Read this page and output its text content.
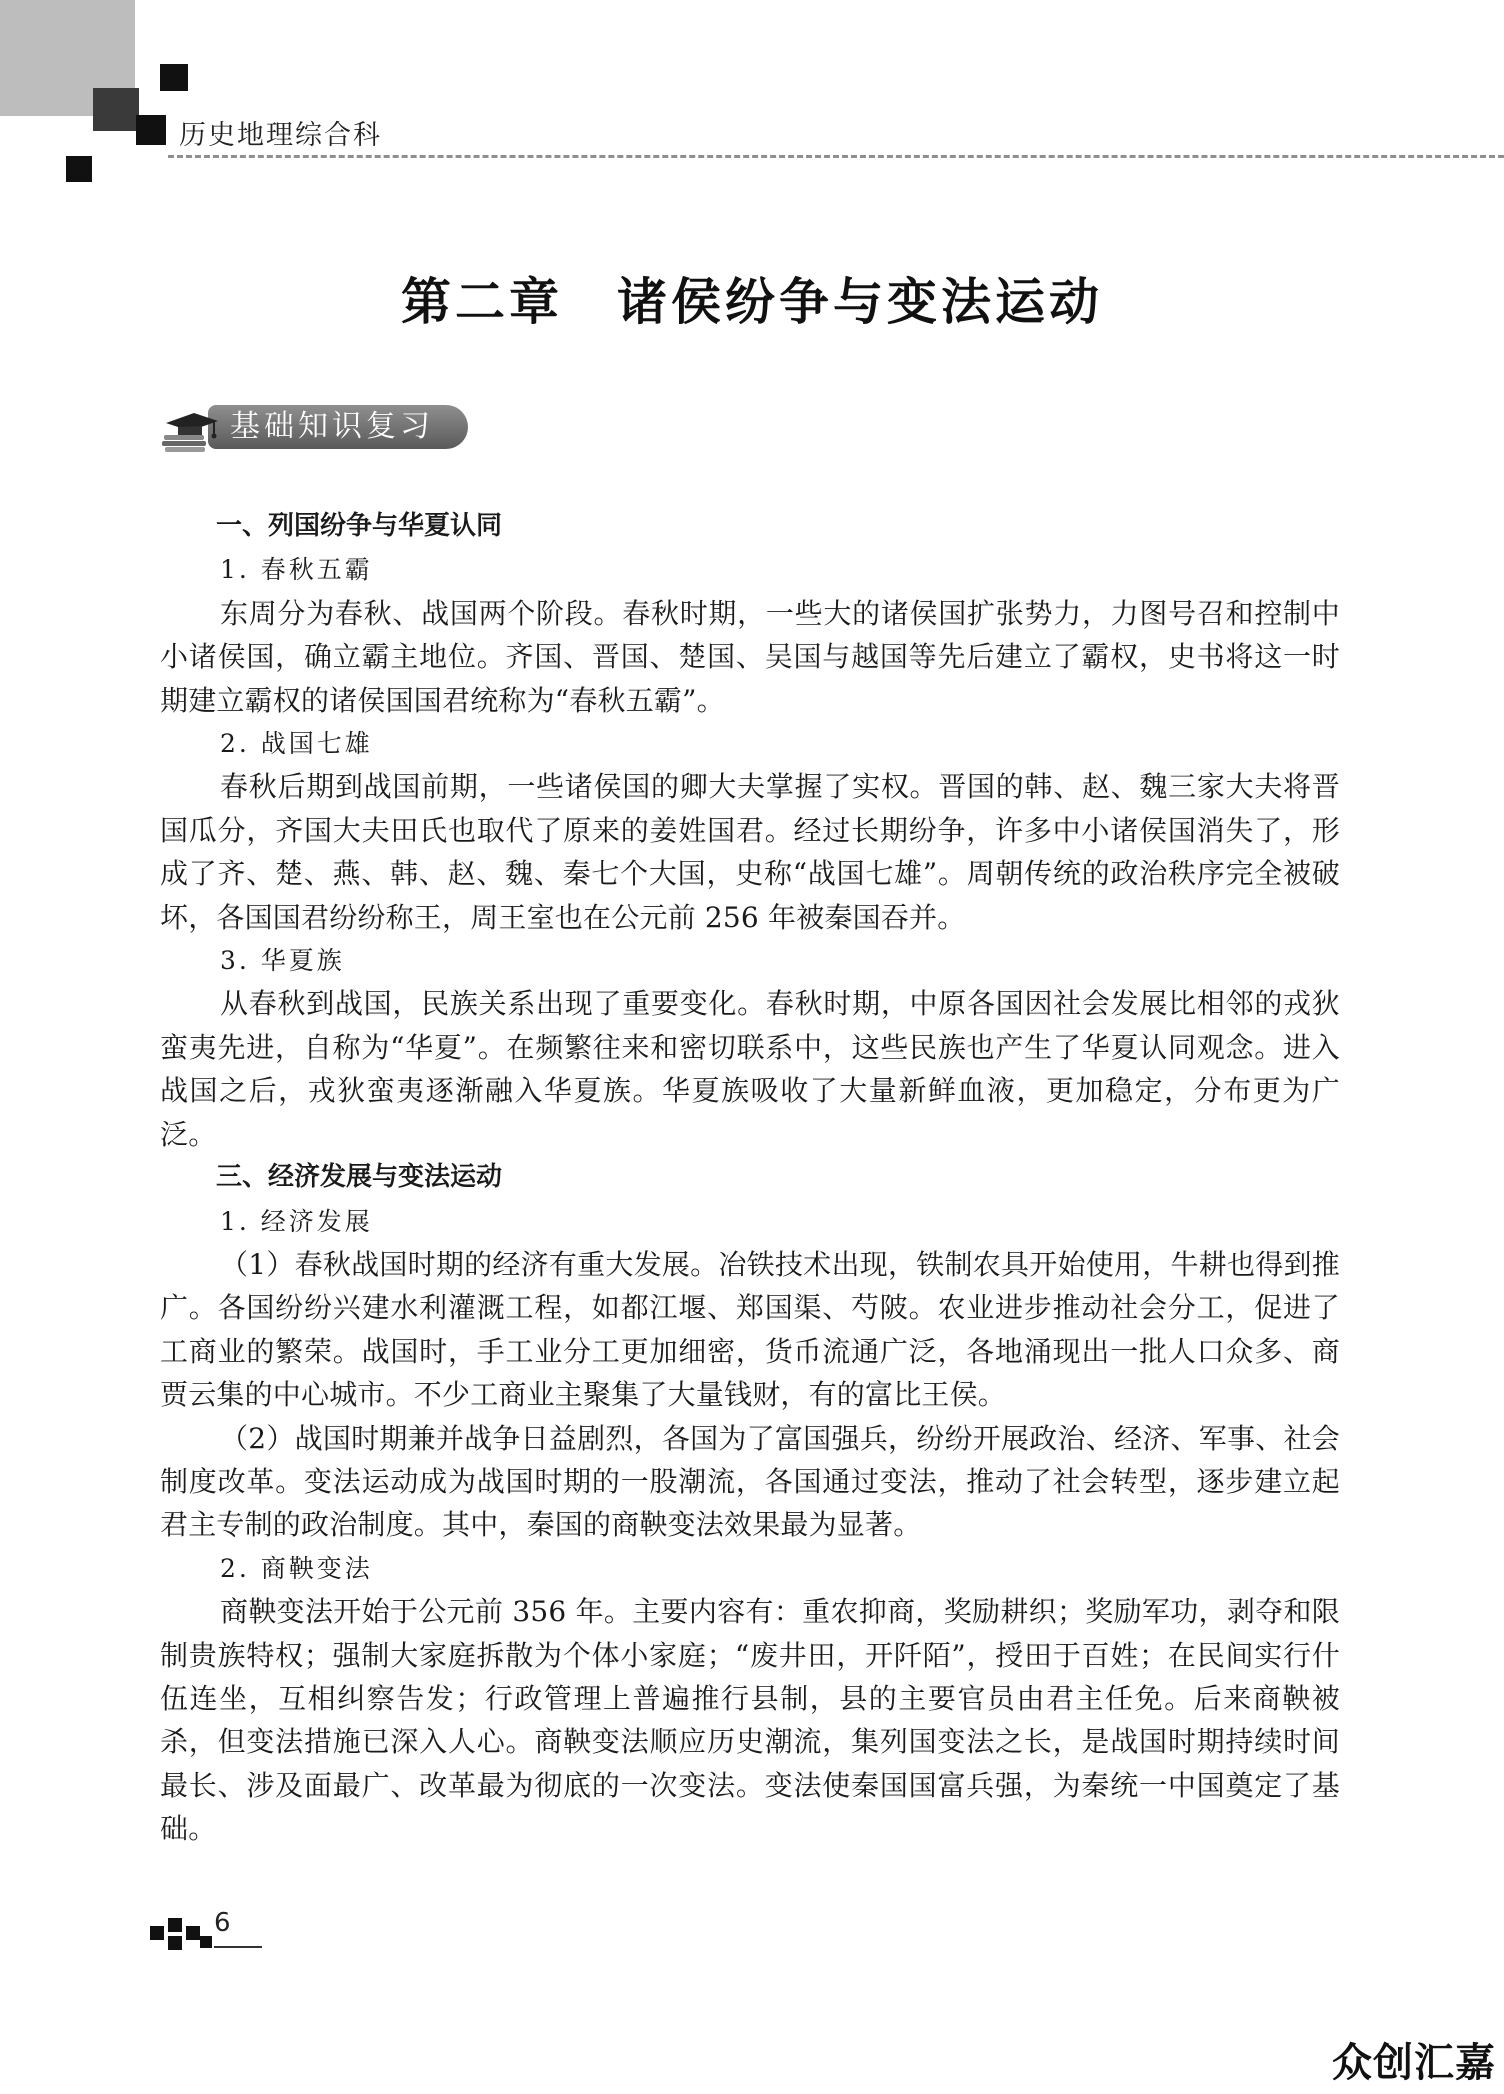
历史地理综合科
第二章　诸侯纷争与变法运动
基础知识复习

一、列国纷争与华夏认同

1. 春秋五霸

东周分为春秋、战国两个阶段。春秋时期，一些大的诸侯国扩张势力，力图号召和控制中小诸侯国，确立霸主地位。齐国、晋国、楚国、吴国与越国等先后建立了霸权，史书将这一时期建立霸权的诸侯国国君统称为“春秋五霸”。

2. 战国七雄

春秋后期到战国前期，一些诸侯国的卿大夫掌握了实权。晋国的韩、赵、魏三家大夫将晋国瓜分，齐国大夫田氏也取代了原来的姜姓国君。经过长期纷争，许多中小诸侯国消失了，形成了齐、楚、燕、韩、赵、魏、秦七个大国，史称“战国七雄”。周朝传统的政治秩序完全被破坏，各国国君纷纷称王，周王室也在公元前 256 年被秦国吞并。

3. 华夏族

从春秋到战国，民族关系出现了重要变化。春秋时期，中原各国因社会发展比相邻的戎狄蛮夷先进，自称为“华夏”。在频繁往来和密切联系中，这些民族也产生了华夏认同观念。进入战国之后，戎狄蛮夷逐渐融入华夏族。华夏族吸收了大量新鲜血液，更加稳定，分布更为广泛。

三、经济发展与变法运动

1. 经济发展

（1）春秋战国时期的经济有重大发展。冶铁技术出现，铁制农具开始使用，牛耕也得到推广。各国纷纷兴建水利灌溉工程，如都江堰、郑国渠、芍陂。农业进步推动社会分工，促进了工商业的繁荣。战国时，手工业分工更加细密，货币流通广泛，各地涌现出一批人口众多、商贾云集的中心城市。不少工商业主聚集了大量钱财，有的富比王侯。

（2）战国时期兼并战争日益剧烈，各国为了富国强兵，纷纷开展政治、经济、军事、社会制度改革。变法运动成为战国时期的一股潮流，各国通过变法，推动了社会转型，逐步建立起君主专制的政治制度。其中，秦国的商鞅变法效果最为显著。

2. 商鞅变法

商鞅变法开始于公元前 356 年。主要内容有：重农抑商，奖励耕织；奖励军功，剥夺和限制贵族特权；强制大家庭拆散为个体小家庭；“废井田，开阡陌”，授田于百姓；在民间实行什伍连坐，互相纠察告发；行政管理上普遍推行县制，县的主要官员由君主任免。后来商鞅被杀，但变法措施已深入人心。商鞅变法顺应历史潮流，集列国变法之长，是战国时期持续时间最长、涉及面最广、改革最为彻底的一次变法。变法使秦国国富兵强，为秦统一中国奠定了基础。

6
众创汇嘉
